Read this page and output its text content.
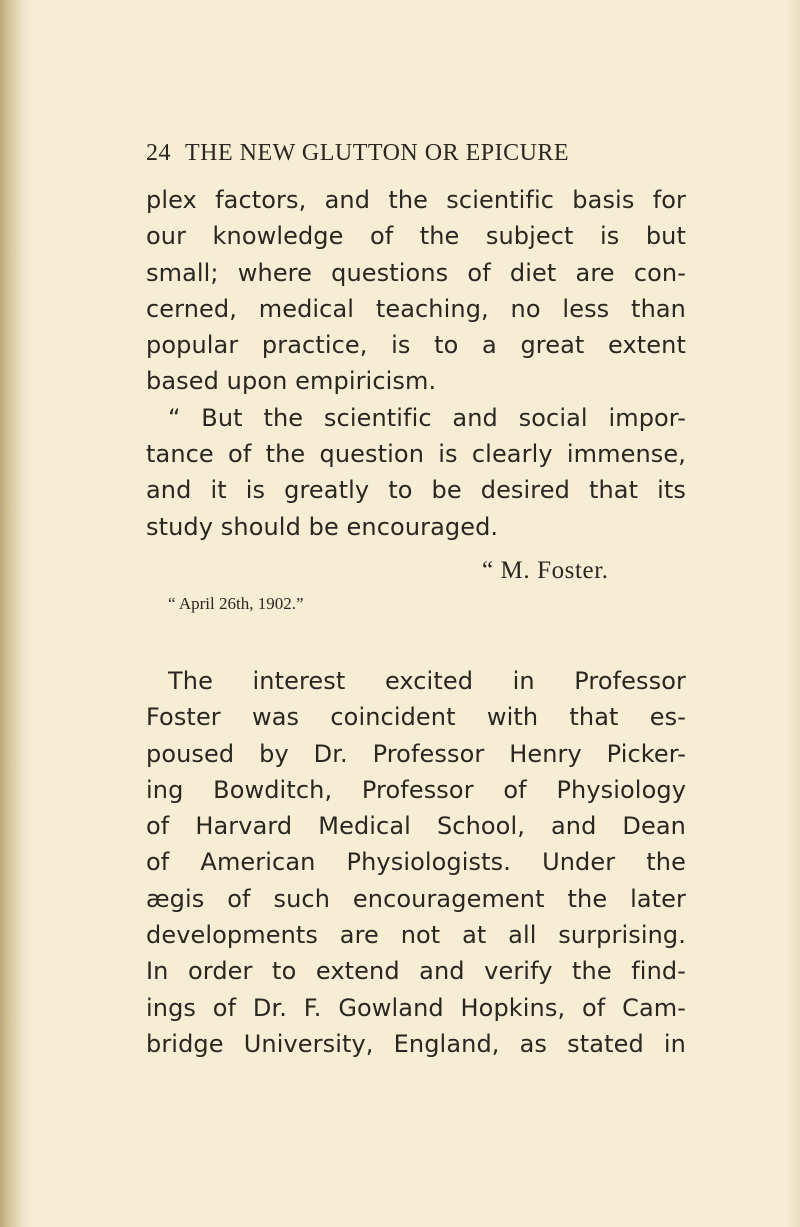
24 THE NEW GLUTTON OR EPICURE
plex factors, and the scientific basis for
our knowledge of the subject is but
small; where questions of diet are con-
cerned, medical teaching, no less than
popular practice, is to a great extent
based upon empiricism.
“ But the scientific and social impor-
tance of the question is clearly immense,
and it is greatly to be desired that its
study should be encouraged.
“ M. Foster.
“ April 26th, 1902.”
The interest excited in Professor
Foster was coincident with that es-
poused by Dr. Professor Henry Picker-
ing Bowditch, Professor of Physiology
of Harvard Medical School, and Dean
of American Physiologists. Under the
ægis of such encouragement the later
developments are not at all surprising.
In order to extend and verify the find-
ings of Dr. F. Gowland Hopkins, of Cam-
bridge University, England, as stated in
